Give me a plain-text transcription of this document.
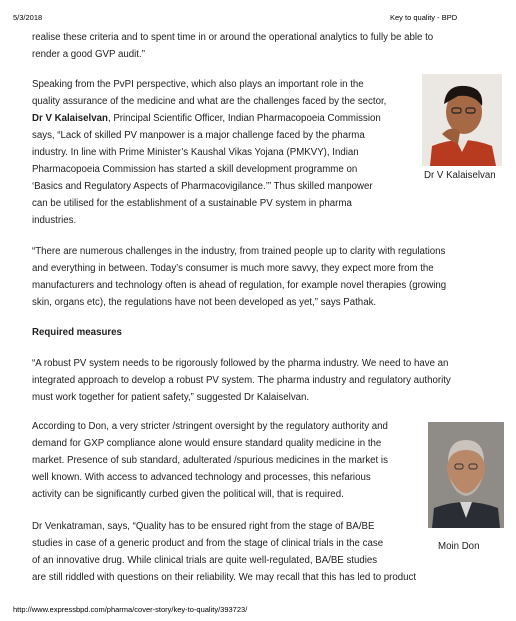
5/3/2018	Key to quality - BPD
realise these criteria and to spent time in or around the operational analytics to fully be able to
render a good GVP audit.”
Speaking from the PvPI perspective, which also plays an important role in the
quality assurance of the medicine and what are the challenges faced by the sector,
Dr V Kalaiselvan, Principal Scientific Officer, Indian Pharmacopoeia Commission
says, “Lack of skilled PV manpower is a major challenge faced by the pharma
industry. In line with Prime Minister’s Kaushal Vikas Yojana (PMKVY), Indian
Pharmacopoeia Commission has started a skill development programme on
‘Basics and Regulatory Aspects of Pharmacovigilance.’” Thus skilled manpower
can be utilised for the establishment of a sustainable PV system in pharma
industries.
Dr V Kalaiselvan
“There are numerous challenges in the industry, from trained people up to clarity with regulations
and everything in between. Today’s consumer is much more savvy, they expect more from the
manufacturers and technology often is ahead of regulation, for example novel therapies (growing
skin, organs etc), the regulations have not been developed as yet,” says Pathak.
Required measures
“A robust PV system needs to be rigorously followed by the pharma industry. We need to have an
integrated approach to develop a robust PV system. The pharma industry and regulatory authority
must work together for patient safety,” suggested Dr Kalaiselvan.
According to Don, a very stricter /stringent oversight by the regulatory authority and
demand for GXP compliance alone would ensure standard quality medicine in the
market. Presence of sub standard, adulterated /spurious medicines in the market is
well known. With access to advanced technology and processes, this nefarious
activity can be significantly curbed given the political will, that is required.
Moin Don
Dr Venkatraman, says, “Quality has to be ensured right from the stage of BA/BE
studies in case of a generic product and from the stage of clinical trials in the case
of an innovative drug. While clinical trials are quite well-regulated, BA/BE studies
are still riddled with questions on their reliability. We may recall that this has led to product
http://www.expressbpd.com/pharma/cover-story/key-to-quality/393723/
